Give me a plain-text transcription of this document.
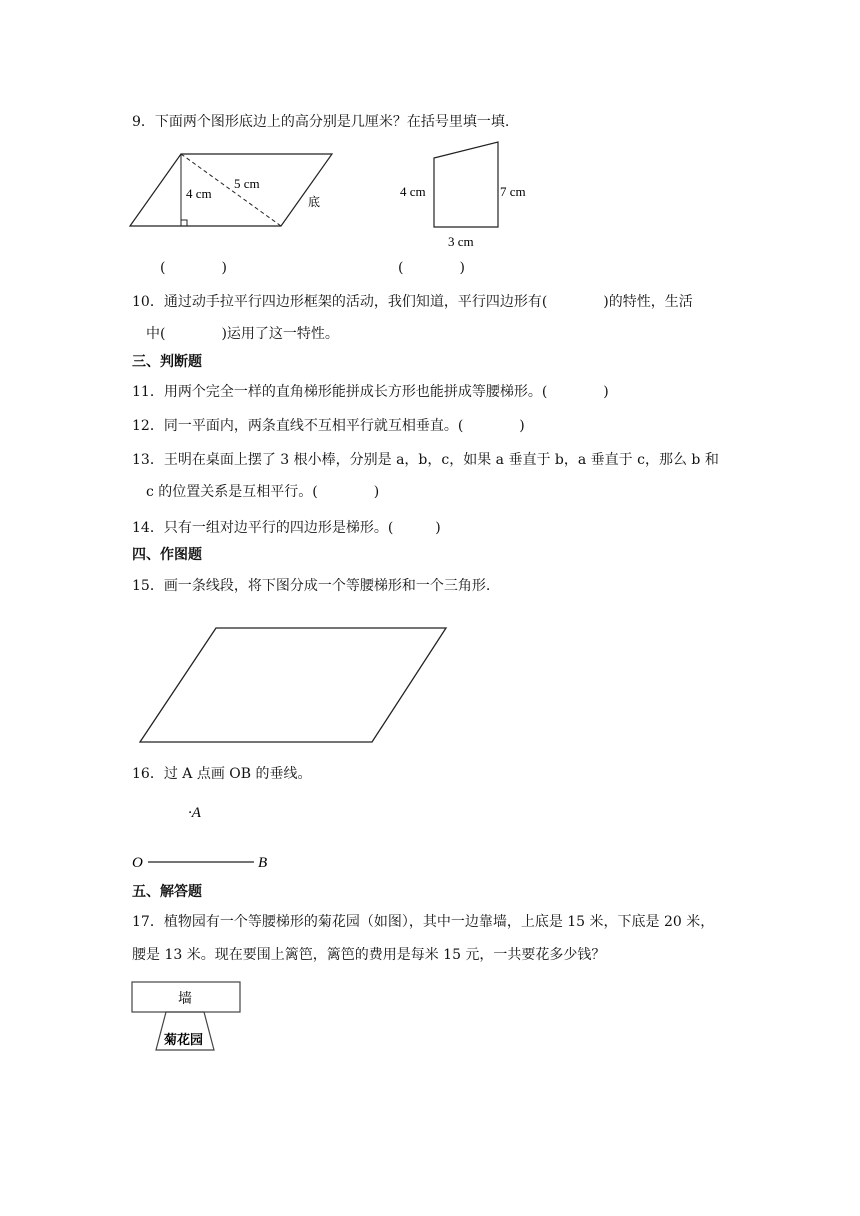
9．下面两个图形底边上的高分别是几厘米？在括号里填一填.
4 cm
5 cm
底
4 cm	7 cm
3 cm
(　　　　)	(　　　　)
10．通过动手拉平行四边形框架的活动，我们知道，平行四边形有(　　　　)的特性，生活
中(　　　　)运用了这一特性。
三、判断题
11．用两个完全一样的直角梯形能拼成长方形也能拼成等腰梯形。(　　　　)
12．同一平面内，两条直线不互相平行就互相垂直。(　　　　)
13．王明在桌面上摆了 3 根小棒，分别是 a，b，c，如果 a 垂直于 b，a 垂直于 c，那么 b 和
c 的位置关系是互相平行。(　　　　)
14．只有一组对边平行的四边形是梯形。(　　　)
四、作图题
15．画一条线段，将下图分成一个等腰梯形和一个三角形.
16．过 A 点画 OB 的垂线。
·A
O	B
五、解答题
17．植物园有一个等腰梯形的菊花园（如图），其中一边靠墙，上底是 15 米，下底是 20 米，
腰是 13 米。现在要围上篱笆，篱笆的费用是每米 15 元，一共要花多少钱？
墙
菊花园
